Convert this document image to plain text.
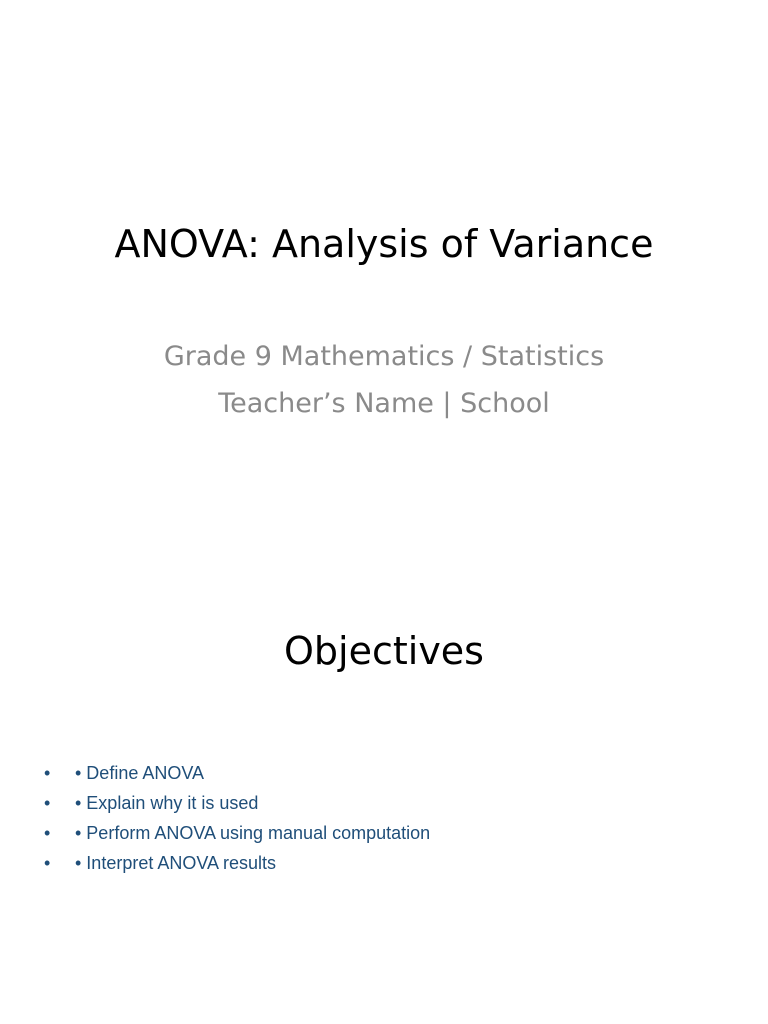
ANOVA: Analysis of Variance
Grade 9 Mathematics / Statistics
Teacher’s Name | School
Objectives
• • Define ANOVA
• • Explain why it is used
• • Perform ANOVA using manual computation
• • Interpret ANOVA results
